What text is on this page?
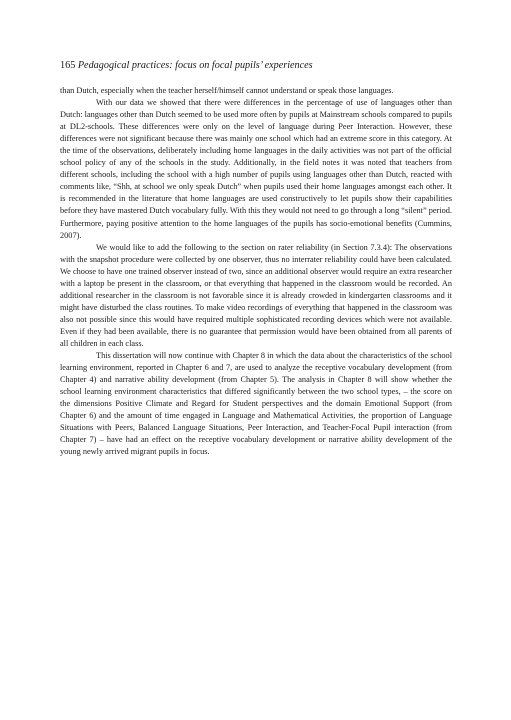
165 Pedagogical practices: focus on focal pupils’ experiences

than Dutch, especially when the teacher herself/himself cannot understand or speak those languages.

With our data we showed that there were differences in the percentage of use of languages other than Dutch: languages other than Dutch seemed to be used more often by pupils at Mainstream schools compared to pupils at DL2-schools. These differences were only on the level of language during Peer Interaction. However, these differences were not significant because there was mainly one school which had an extreme score in this category. At the time of the observations, deliberately including home languages in the daily activities was not part of the official school policy of any of the schools in the study. Additionally, in the field notes it was noted that teachers from different schools, including the school with a high number of pupils using languages other than Dutch, reacted with comments like, “Shh, at school we only speak Dutch” when pupils used their home languages amongst each other. It is recommended in the literature that home languages are used constructively to let pupils show their capabilities before they have mastered Dutch vocabulary fully. With this they would not need to go through a long “silent” period. Furthermore, paying positive attention to the home languages of the pupils has socio-emotional benefits (Cummins, 2007).

We would like to add the following to the section on rater reliability (in Section 7.3.4): The observations with the snapshot procedure were collected by one observer, thus no interrater reliability could have been calculated. We choose to have one trained observer instead of two, since an additional observer would require an extra researcher with a laptop be present in the classroom, or that everything that happened in the classroom would be recorded. An additional researcher in the classroom is not favorable since it is already crowded in kindergarten classrooms and it might have disturbed the class routines. To make video recordings of everything that happened in the classroom was also not possible since this would have required multiple sophisticated recording devices which were not available. Even if they had been available, there is no guarantee that permission would have been obtained from all parents of all children in each class.

This dissertation will now continue with Chapter 8 in which the data about the characteristics of the school learning environment, reported in Chapter 6 and 7, are used to analyze the receptive vocabulary development (from Chapter 4) and narrative ability development (from Chapter 5). The analysis in Chapter 8 will show whether the school learning environment characteristics that differed significantly between the two school types, – the score on the dimensions Positive Climate and Regard for Student perspectives and the domain Emotional Support (from Chapter 6) and the amount of time engaged in Language and Mathematical Activities, the proportion of Language Situations with Peers, Balanced Language Situations, Peer Interaction, and Teacher-Focal Pupil interaction (from Chapter 7) – have had an effect on the receptive vocabulary development or narrative ability development of the young newly arrived migrant pupils in focus.
